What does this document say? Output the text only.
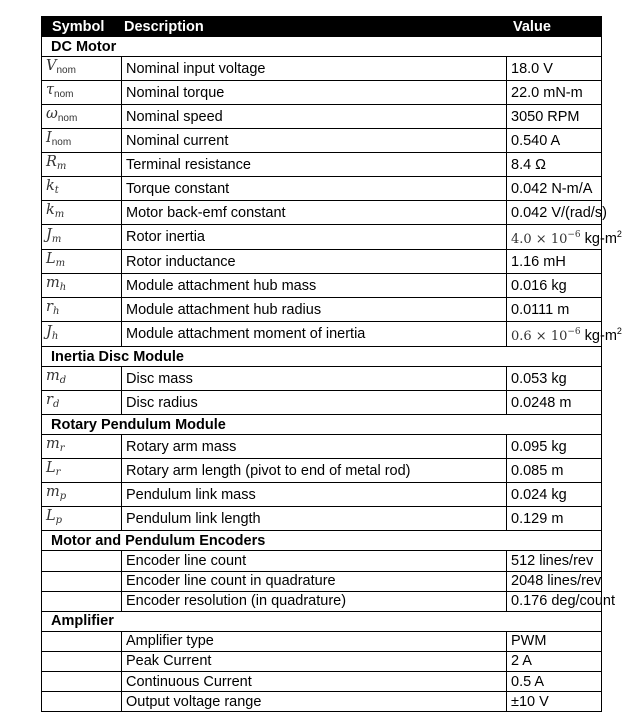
Symbol	Description	Value
DC Motor		
$V_{nom}$	Nominal input voltage	18.0 V
$\tau_{nom}$	Nominal torque	22.0 mN-m
$\omega_{nom}$	Nominal speed	3050 RPM
$I_{nom}$	Nominal current	0.540 A
$R_m$	Terminal resistance	8.4 Ω
$k_t$	Torque constant	0.042 N-m/A
$k_m$	Motor back-emf constant	0.042 V/(rad/s)
$J_m$	Rotor inertia	$4.0 \times 10^{-6}$ $kg-m^2$
$L_m$	Rotor inductance	1.16 mH
$m_h$	Module attachment hub mass	0.016 kg
$r_h$	Module attachment hub radius	0.0111 m
$J_h$	Module attachment moment of inertia	$0.6 \times 10^{-6}$ $kg-m^2$
Inertia Disc Module		
$m_d$	Disc mass	0.053 kg
$r_d$	Disc radius	0.0248 m
Rotary Pendulum Module		
$m_r$	Rotary arm mass	0.095 kg
$L_r$	Rotary arm length (pivot to end of metal rod)	0.085 m
$m_p$	Pendulum link mass	0.024 kg
$L_p$	Pendulum link length	0.129 m
Motor and Pendulum Encoders		
	Encoder line count	512 lines/rev
	Encoder line count in quadrature	2048 lines/rev
	Encoder resolution (in quadrature)	0.176 deg/count
Amplifier		
	Amplifier type	PWM
	Peak Current	2 A
	Continuous Current	0.5 A
	Output voltage range	±10 V
